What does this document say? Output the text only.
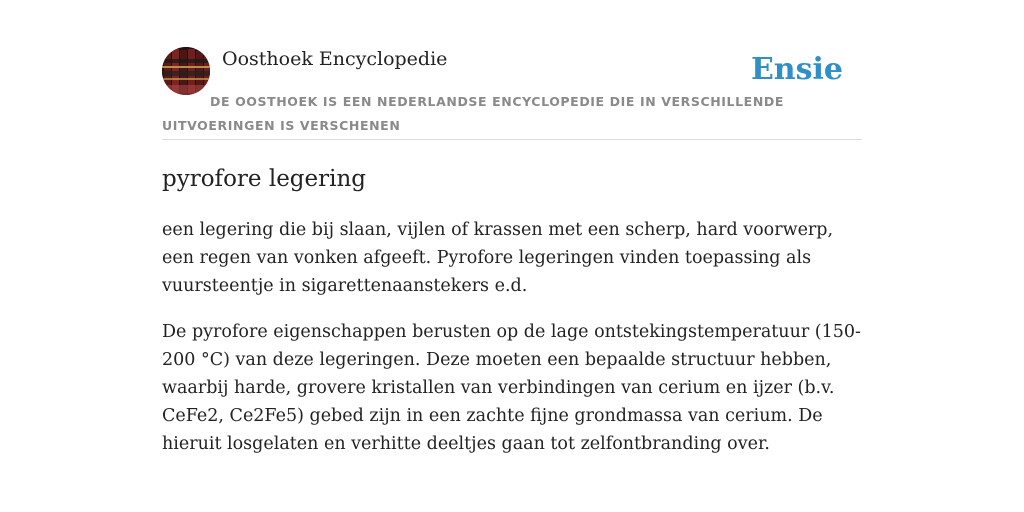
Oosthoek Encyclopedie	Ensie
DE OOSTHOEK IS EEN NEDERLANDSE ENCYCLOPEDIE DIE IN VERSCHILLENDE UITVOERINGEN IS VERSCHENEN
pyrofore legering

een legering die bij slaan, vijlen of krassen met een scherp, hard voorwerp, een regen van vonken afgeeft. Pyrofore legeringen vinden toepassing als vuursteentje in sigarettenaanstekers e.d.

De pyrofore eigenschappen berusten op de lage ontstekingstemperatuur (150-200 °C) van deze legeringen. Deze moeten een bepaalde structuur hebben, waarbij harde, grovere kristallen van verbindingen van cerium en ijzer (b.v. CeFe2, Ce2Fe5) gebed zijn in een zachte fijne grondmassa van cerium. De hieruit losgelaten en verhitte deeltjes gaan tot zelfontbranding over.
